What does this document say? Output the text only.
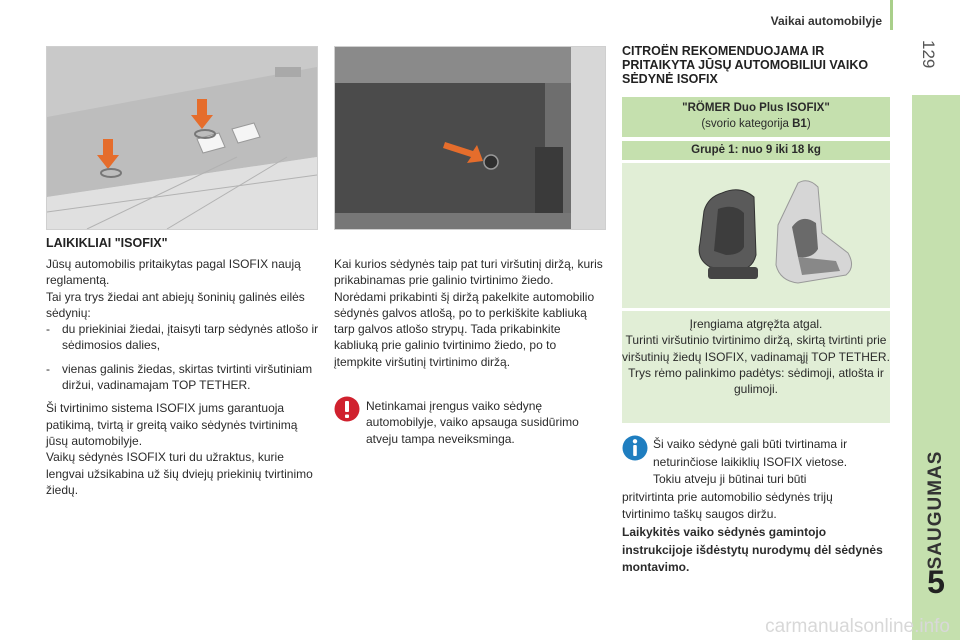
Vaikai automobilyje
129
SAUGUMAS
5
carmanualsonline.info
LAIKIKLIAI "ISOFIX"

Jūsų automobilis pritaikytas pagal ISOFIX naują reglamentą.

Tai yra trys žiedai ant abiejų šoninių galinės eilės sėdynių:

- du priekiniai žiedai, įtaisyti tarp sėdynės atlošo ir sėdimosios dalies,
- vienas galinis žiedas, skirtas tvirtinti viršutiniam diržui, vadinamajam TOP TETHER.

Ši tvirtinimo sistema ISOFIX jums garantuoja patikimą, tvirtą ir greitą vaiko sėdynės tvirtinimą jūsų automobilyje.

Vaikų sėdynės ISOFIX turi du užraktus, kurie lengvai užsikabina už šių dviejų priekinių tvirtinimo žiedų.

Kai kurios sėdynės taip pat turi viršutinį diržą, kuris prikabinamas prie galinio tvirtinimo žiedo. Norėdami prikabinti šį diržą pakelkite automobilio sėdynės galvos atlošą, po to perkiškite kabliuką tarp galvos atlošo strypų. Tada prikabinkite kabliuką prie galinio tvirtinimo žiedo, po to įtempkite viršutinį tvirtinimo diržą.
Netinkamai įrengus vaiko sėdynę automobilyje, vaiko apsauga susidūrimo atveju tampa neveiksminga.
CITROËN REKOMENDUOJAMA IR PRITAIKYTA JŪSŲ AUTOMOBILIUI VAIKO SĖDYNĖ ISOFIX
"RÖMER Duo Plus ISOFIX"
(svorio kategorija B1)
Grupė 1: nuo 9 iki 18 kg
Įrengiama atgręžta atgal.
Turinti viršutinio tvirtinimo diržą, skirtą tvirtinti prie viršutinių žiedų ISOFIX, vadinamąjį TOP TETHER.
Trys rėmo palinkimo padėtys: sėdimoji, atlošta ir gulimoji.
Ši vaiko sėdynė gali būti tvirtinama ir
neturinčiose laikiklių ISOFIX vietose.
Tokiu atveju ji būtinai turi būti
pritvirtinta prie automobilio sėdynės trijų tvirtinimo taškų saugos diržu.
Laikykitės vaiko sėdynės gamintojo instrukcijoje išdėstytų nurodymų dėl sėdynės montavimo.
